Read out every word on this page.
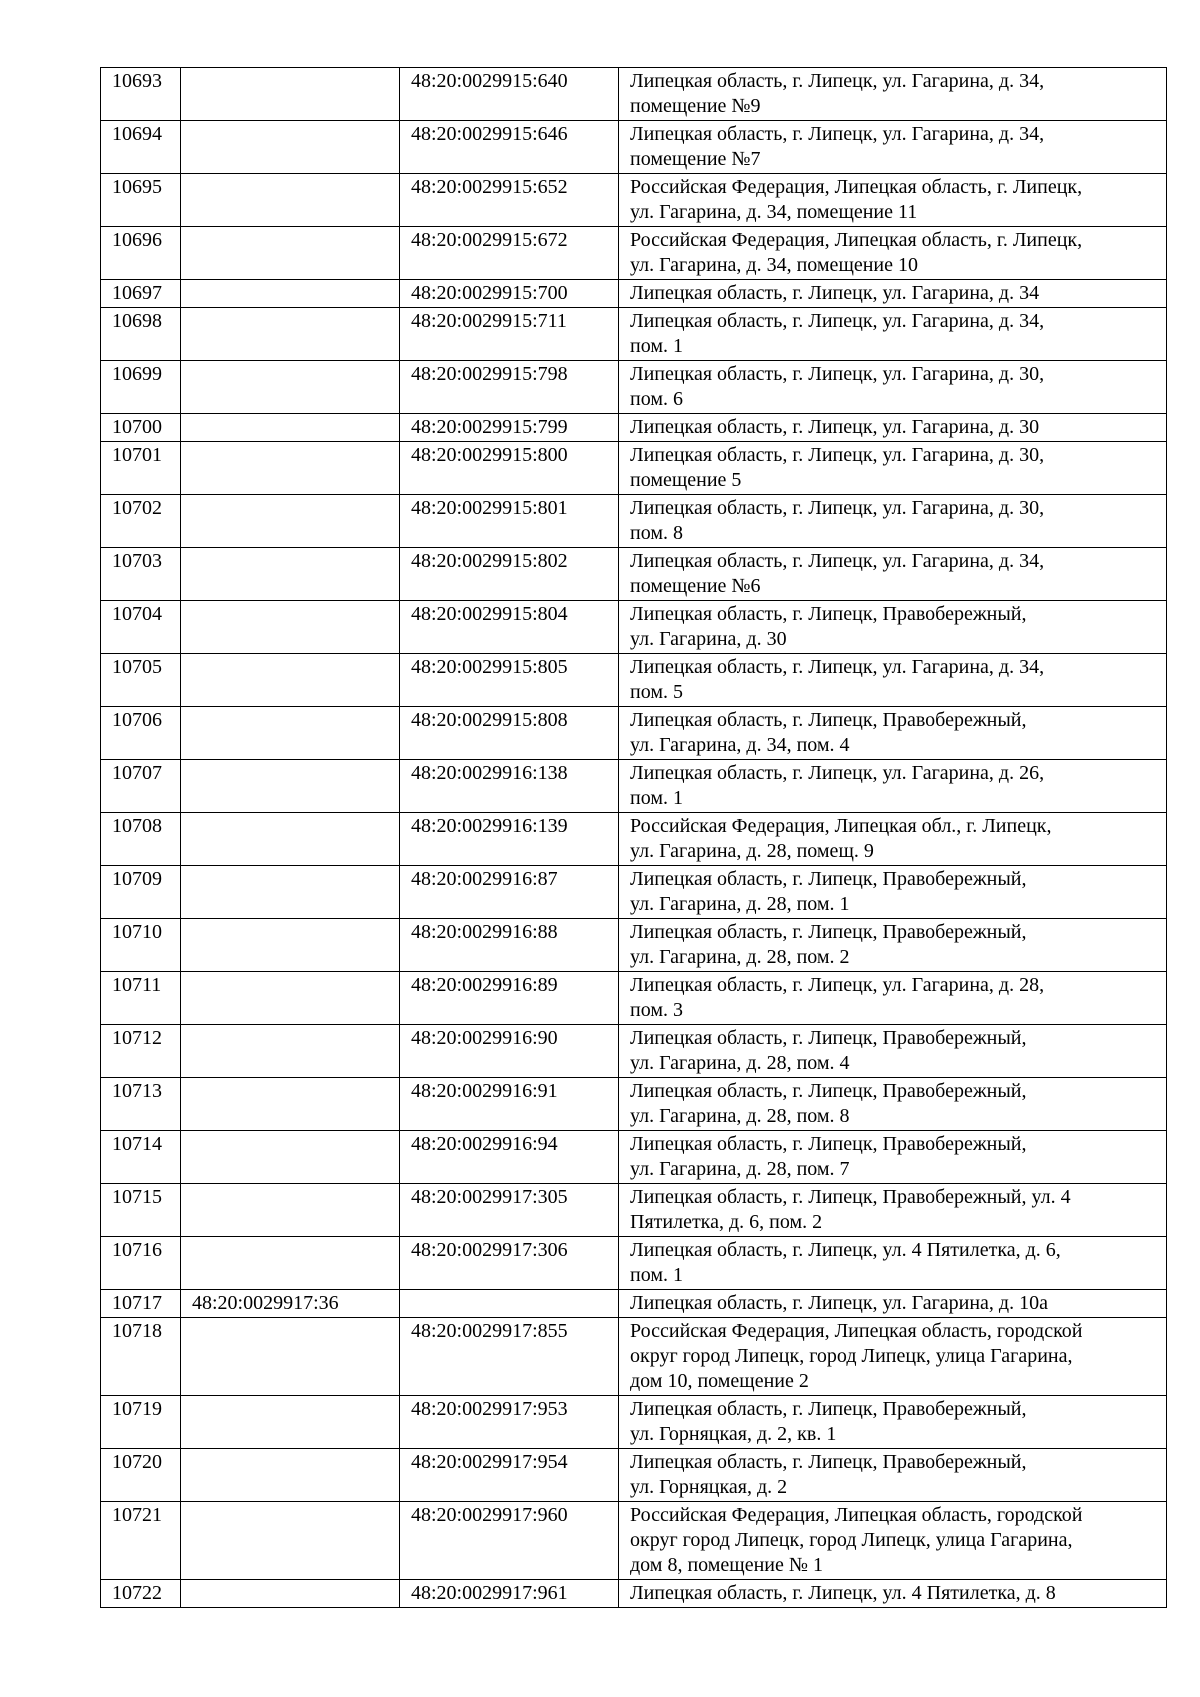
10693		48:20:0029915:640	Липецкая область, г. Липецк, ул. Гагарина, д. 34,
помещение №9
10694		48:20:0029915:646	Липецкая область, г. Липецк, ул. Гагарина, д. 34,
помещение №7
10695		48:20:0029915:652	Российская Федерация, Липецкая область, г. Липецк,
ул. Гагарина, д. 34, помещение 11
10696		48:20:0029915:672	Российская Федерация, Липецкая область, г. Липецк,
ул. Гагарина, д. 34, помещение 10
10697		48:20:0029915:700	Липецкая область, г. Липецк, ул. Гагарина, д. 34
10698		48:20:0029915:711	Липецкая область, г. Липецк, ул. Гагарина, д. 34,
пом. 1
10699		48:20:0029915:798	Липецкая область, г. Липецк, ул. Гагарина, д. 30,
пом. 6
10700		48:20:0029915:799	Липецкая область, г. Липецк, ул. Гагарина, д. 30
10701		48:20:0029915:800	Липецкая область, г. Липецк, ул. Гагарина, д. 30,
помещение 5
10702		48:20:0029915:801	Липецкая область, г. Липецк, ул. Гагарина, д. 30,
пом. 8
10703		48:20:0029915:802	Липецкая область, г. Липецк, ул. Гагарина, д. 34,
помещение №6
10704		48:20:0029915:804	Липецкая область, г. Липецк, Правобережный,
ул. Гагарина, д. 30
10705		48:20:0029915:805	Липецкая область, г. Липецк, ул. Гагарина, д. 34,
пом. 5
10706		48:20:0029915:808	Липецкая область, г. Липецк, Правобережный,
ул. Гагарина, д. 34, пом. 4
10707		48:20:0029916:138	Липецкая область, г. Липецк, ул. Гагарина, д. 26,
пом. 1
10708		48:20:0029916:139	Российская Федерация, Липецкая обл., г. Липецк,
ул. Гагарина, д. 28, помещ. 9
10709		48:20:0029916:87	Липецкая область, г. Липецк, Правобережный,
ул. Гагарина, д. 28, пом. 1
10710		48:20:0029916:88	Липецкая область, г. Липецк, Правобережный,
ул. Гагарина, д. 28, пом. 2
10711		48:20:0029916:89	Липецкая область, г. Липецк, ул. Гагарина, д. 28,
пом. 3
10712		48:20:0029916:90	Липецкая область, г. Липецк, Правобережный,
ул. Гагарина, д. 28, пом. 4
10713		48:20:0029916:91	Липецкая область, г. Липецк, Правобережный,
ул. Гагарина, д. 28, пом. 8
10714		48:20:0029916:94	Липецкая область, г. Липецк, Правобережный,
ул. Гагарина, д. 28, пом. 7
10715		48:20:0029917:305	Липецкая область, г. Липецк, Правобережный, ул. 4
Пятилетка, д. 6, пом. 2
10716		48:20:0029917:306	Липецкая область, г. Липецк, ул. 4 Пятилетка, д. 6,
пом. 1
10717	48:20:0029917:36		Липецкая область, г. Липецк, ул. Гагарина, д. 10а
10718		48:20:0029917:855	Российская Федерация, Липецкая область, городской
округ город Липецк, город Липецк, улица Гагарина,
дом 10, помещение 2
10719		48:20:0029917:953	Липецкая область, г. Липецк, Правобережный,
ул. Горняцкая, д. 2, кв. 1
10720		48:20:0029917:954	Липецкая область, г. Липецк, Правобережный,
ул. Горняцкая, д. 2
10721		48:20:0029917:960	Российская Федерация, Липецкая область, городской
округ город Липецк, город Липецк, улица Гагарина,
дом 8, помещение № 1
10722		48:20:0029917:961	Липецкая область, г. Липецк, ул. 4 Пятилетка, д. 8
